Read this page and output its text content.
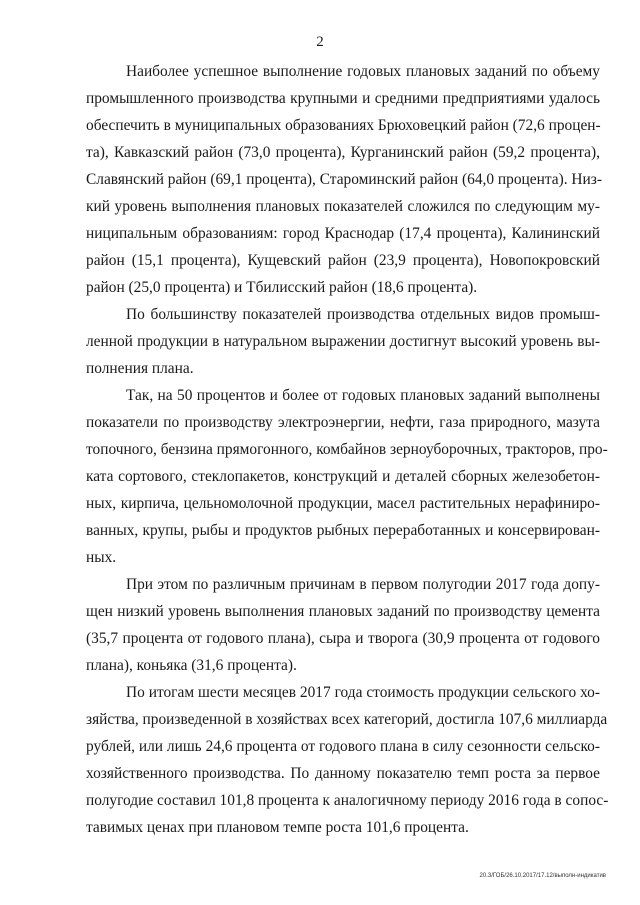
2
Наиболее успешное выполнение годовых плановых заданий по объему
промышленного производства крупными и средними предприятиями удалось
обеспечить в муниципальных образованиях Брюховецкий район (72,6 процен-
та), Кавказский район (73,0 процента), Курганинский район (59,2 процента),
Славянский район (69,1 процента), Староминский район (64,0 процента). Низ-
кий уровень выполнения плановых показателей сложился по следующим му-
ниципальным образованиям: город Краснодар (17,4 процента), Калининский
район (15,1 процента), Кущевский район (23,9 процента), Новопокровский
район (25,0 процента) и Тбилисский район (18,6 процента).
По большинству показателей производства отдельных видов промыш-
ленной продукции в натуральном выражении достигнут высокий уровень вы-
полнения плана.
Так, на 50 процентов и более от годовых плановых заданий выполнены
показатели по производству электроэнергии, нефти, газа природного, мазута
топочного, бензина прямогонного, комбайнов зерноуборочных, тракторов, про-
ката сортового, стеклопакетов, конструкций и деталей сборных железобетон-
ных, кирпича, цельномолочной продукции, масел растительных нерафиниро-
ванных, крупы, рыбы и продуктов рыбных переработанных и консервирован-
ных.
При этом по различным причинам в первом полугодии 2017 года допу-
щен низкий уровень выполнения плановых заданий по производству цемента
(35,7 процента от годового плана), сыра и творога (30,9 процента от годового
плана), коньяка (31,6 процента).
По итогам шести месяцев 2017 года стоимость продукции сельского хо-
зяйства, произведенной в хозяйствах всех категорий, достигла 107,6 миллиарда
рублей, или лишь 24,6 процента от годового плана в силу сезонности сельско-
хозяйственного производства. По данному показателю темп роста за первое
полугодие составил 101,8 процента к аналогичному периоду 2016 года в сопос-
тавимых ценах при плановом темпе роста 101,6 процента.
20.3/ГОБ/26.10.2017/17.12/выполн-индикатив
